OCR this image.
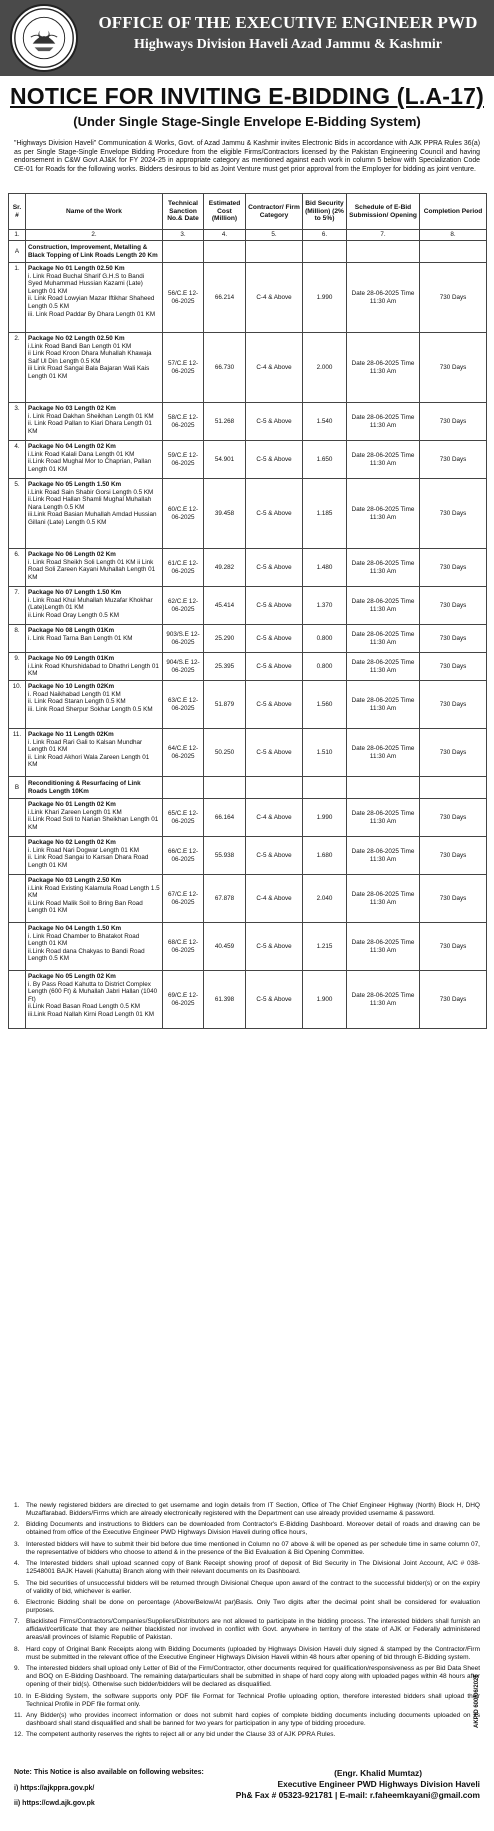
OFFICE OF THE EXECUTIVE ENGINEER PWD
Highways Division Haveli Azad Jammu & Kashmir
NOTICE FOR INVITING E-BIDDING (L.A-17)
(Under Single Stage-Single Envelope E-Bidding System)
"Highways Division Haveli" Communication & Works, Govt. of Azad Jammu & Kashmir invites Electronic Bids in accordance with AJK PPRA Rules 36(a) as per Single Stage-Single Envelope Bidding Procedure from the eligible Firms/Contractors licensed by the Pakistan Engineering Council and having endorsement in C&W Govt AJ&K for FY 2024-25 in appropriate category as mentioned against each work in column 5 below with Specialization Code CE-01 for Roads for the following works. Bidders desirous to bid as Joint Venture must get prior approval from the Employer for bidding as joint venture.
Sr. #	Name of the Work	Technical Sanction No.& Date	Estimated Cost (Million)	Contractor/ Firm Category	Bid Security (Million) (2% to 5%)	Schedule of E-Bid Submission/ Opening	Completion Period
1.	2.	3.	4.	5.	6.	7.	8.
A	Construction, Improvement, Metalling & Black Topping of Link Roads Length 20 Km						
1.	Package No 01 Length 02.50 Km
i. Link Road Buchal Sharif G.H.S to Bandi Syed Muhammad Hussian Kazami (Late) Length 01 KM
ii. Link Road Lowyian Mazar Iftikhar Shaheed Length 0.5 KM
iii. Link Road Paddar By Dhara Length 01 KM	56/C.E 12-06-2025	66.214	C-4 & Above	1.990	Date 28-06-2025 Time 11:30 Am	730 Days
2.	Package No 02 Length 02.50 Km
i.Link Road Bandi Ban Length 01 KM
ii Link Road Kroon Dhara Muhallah Khawaja Saif Ul Din Length 0.5 KM
iii Link Road Sangai Bala Bajaran Wali Kais Length 01 KM	57/C.E 12-06-2025	66.730	C-4 & Above	2.000	Date 28-06-2025 Time 11:30 Am	730 Days
3.	Package No 03 Length 02 Km
i. Link Road Dakhan Sheikhan Length 01 KM
ii. Link Road Pallan to Kiari Dhara Length 01 KM	58/C.E 12-06-2025	51.268	C-5 & Above	1.540	Date 28-06-2025 Time 11:30 Am	730 Days
4.	Package No 04 Length 02 Km
i.Link Road Kalali Dana Length 01 KM
ii.Link Road Mughal Mor to Chaprian, Pallan Length 01 KM	59/C.E 12-06-2025	54.901	C-5 & Above	1.650	Date 28-06-2025 Time 11:30 Am	730 Days
5.	Package No 05 Length 1.50 Km
i.Link Road Sain Shabir Gorsi Length 0.5 KM
ii.Link Road Hallan Shamli Mughal Muhallah Nara Length 0.5 KM
iii.Link Road Basian Muhallah Amdad Hussian Gillani (Late) Length 0.5 KM	60/C.E 12-06-2025	39.458	C-5 & Above	1.185	Date 28-06-2025 Time 11:30 Am	730 Days
6.	Package No 06 Length 02 Km
i. Link Road Sheikh Soli Length 01 KM ii Link Road Soli Zareen Kayani Muhallah Length 01 KM	61/C.E 12-06-2025	49.282	C-5 & Above	1.480	Date 28-06-2025 Time 11:30 Am	730 Days
7.	Package No 07 Length 1.50 Km
i. Link Road Khui Muhallah Muzafar Khokhar (Late)Length 01 KM
ii.Link Road Oray Length 0.5 KM	62/C.E 12-06-2025	45.414	C-5 & Above	1.370	Date 28-06-2025 Time 11:30 Am	730 Days
8.	Package No 08 Length 01Km
i. Link Road Tarna Ban Length 01 KM	903/S.E 12-06-2025	25.290	C-5 & Above	0.800	Date 28-06-2025 Time 11:30 Am	730 Days
9.	Package No 09 Length 01Km
i.Link Road Khurshidabad to Dhathri Length 01 KM	904/S.E 12-06-2025	25.395	C-5 & Above	0.800	Date 28-06-2025 Time 11:30 Am	730 Days
10.	Package No 10 Length 02Km
i. Road Naikhabad Length 01 KM
ii. Link Road Staran Length 0.5 KM
iii. Link Road Sherpur Sokhar Length 0.5 KM	63/C.E 12-06-2025	51.879	C-5 & Above	1.560	Date 28-06-2025 Time 11:30 Am	730 Days
11.	Package No 11 Length 02Km
i. Link Road Rari Gali to Kalsan Mundhar Length 01 KM
ii. Link Road Akhori Wala Zareen Length 01 KM	64/C.E 12-06-2025	50.250	C-5 & Above	1.510	Date 28-06-2025 Time 11:30 Am	730 Days
B	Reconditioning & Resurfacing of Link Roads Length 10Km						

	Package No 01 Length 02 Km
i.Link Khari Zareen Length 01 KM
ii.Link Road Soli to Narian Sheikhan Length 01 KM	65/C.E 12-06-2025	66.164	C-4 & Above	1.990	Date 28-06-2025 Time 11:30 Am	730 Days

	Package No 02 Length 02 Km
i. Link Road Nari Dogwar Length 01 KM
ii. Link Road Sangai to Karsan Dhara Road Length 01 KM	66/C.E 12-06-2025	55.938	C-5 & Above	1.680	Date 28-06-2025 Time 11:30 Am	730 Days

	Package No 03 Length 2.50 Km
i.Link Road Existing Kalamula Road Length 1.5 KM
ii.Link Road Malik Soil to Bring Ban Road Length 01 KM	67/C.E 12-06-2025	67.878	C-4 & Above	2.040	Date 28-06-2025 Time 11:30 Am	730 Days

	Package No 04 Length 1.50 Km
i. Link Road Chamber to Bhatakot Road Length 01 KM
ii.Link Road dana Chakyas to Bandi Road Length 0.5 KM	68/C.E 12-06-2025	40.459	C-5 & Above	1.215	Date 28-06-2025 Time 11:30 Am	730 Days

	Package No 05 Length 02 Km
i. By Pass Road Kahutta to District Complex Length (600 Ft) & Muhallah Jabri Hallan (1040 Ft)
ii.Link Road Basan Road Length 0.5 KM
iii.Link Road Nallah Kirni Road Length 01 KM	69/C.E 12-06-2025	61.398	C-5 & Above	1.900	Date 28-06-2025 Time 11:30 Am	730 Days
1.	The newly registered bidders are directed to get username and login details from IT Section, Office of The Chief Engineer Highway (North) Block H, DHQ Muzaffarabad. Bidders/Firms which are already electronically registered with the Department can use already provided username & password.
2.	Bidding Documents and instructions to Bidders can be downloaded from Contractor's E-Bidding Dashboard. Moreover detail of roads and drawing can be obtained from office of the Executive Engineer PWD Highways Division Haveli during office hours,
3.	Interested bidders will have to submit their bid before due time mentioned in Column no 07 above & will be opened as per schedule time in same column 07, the representative of bidders who choose to attend & in the presence of the Bid Evaluation & Bid Opening Committee.
4.	The Interested bidders shall upload scanned copy of Bank Receipt showing proof of deposit of Bid Security in The Divisional Joint Account, A/C # 038-12548001 BAJK Haveli (Kahutta) Branch along with their relevant documents on its Dashboard.
5.	The bid securities of unsuccessful bidders will be returned through Divisional Cheque upon award of the contract to the successful bidder(s) or on the expiry of validity of bid, whichever is earlier.
6.	Electronic Bidding shall be done on percentage (Above/Below/At par)Basis. Only Two digits after the decimal point shall be considered for evaluation purposes.
7.	Blacklisted Firms/Contractors/Companies/Suppliers/Distributors are not allowed to participate in the bidding process. The interested bidders shall furnish an affidavit/certificate that they are neither blacklisted nor involved in conflict with Govt. anywhere in territory of the state of AJK or Federally administered areas/all provinces of Islamic Republic of Pakistan.
8.	Hard copy of Original Bank Receipts along with Bidding Documents (uploaded by Highways Division Haveli duly signed & stamped by the Contractor/Firm must be submitted in the relevant office of the Executive Engineer Highways Division Haveli within 48 hours after opening of bid through E-Bidding system.
9.	The interested bidders shall upload only Letter of Bid of the Firm/Contractor, other documents required for qualification/responsiveness as per Bid Data Sheet and BOQ on E-Bidding Dashboard. The remaining data/particulars shall be submitted in shape of hard copy along with uploaded pages within 48 hours after opening of their bid(s). Otherwise such bidder/bidders will be declared as disqualified.
10. In E-Bidding System, the software supports only PDF file Format for Technical Profile uploading option, therefore interested bidders shall upload their Technical Profile in PDF file format only.
11. Any Bidder(s) who provides incorrect information or does not submit hard copies of complete bidding documents including documents uploaded on its dashboard shall stand disqualified and shall be banned for two years for participation in any type of bidding procedure.
12. The competent authority reserves the rights to reject all or any bid under the Clause 33 of AJK PPRA Rules.
Note: This Notice is also available on following websites:
i) https://ajkppra.gov.pk/
ii) https://cwd.ajk.gov.pk
(Engr. Khalid Mumtaz)
Executive Engineer PWD Highways Division Haveli
Ph& Fax # 05323-921781 | E-mail: r.faheemkayani@gmail.com
AKPID 600/06/2025
